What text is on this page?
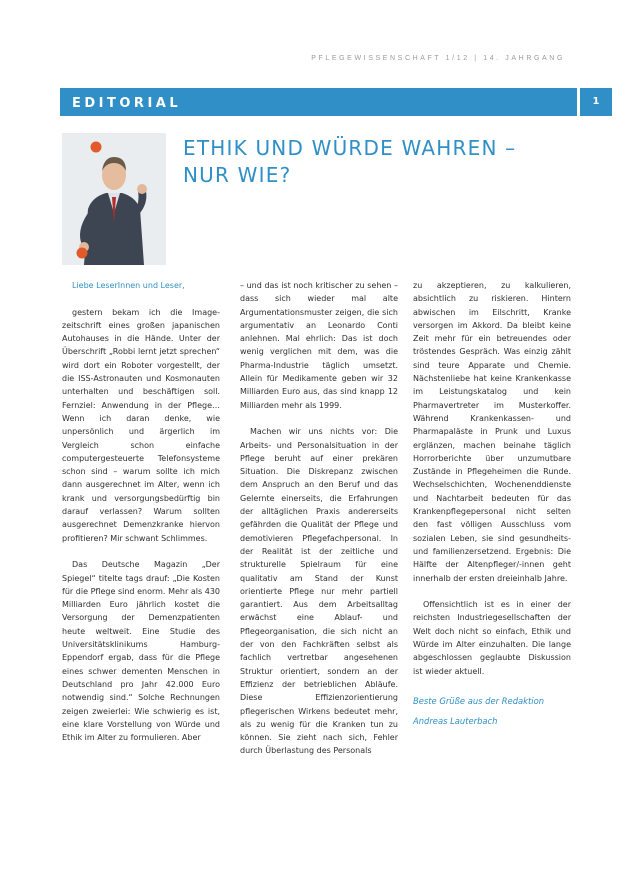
PFLEGEWISSENSCHAFT 1/12 | 14. JAHRGANG
EDITORIAL	1
ETHIK UND WÜRDE WAHREN –
NUR WIE?

Liebe LeserInnen und Leser,

gestern bekam ich die Image-zeitschrift eines großen japanischen Autohauses in die Hände. Unter der Überschrift „Robbi lernt jetzt sprechen“ wird dort ein Roboter vorgestellt, der die ISS-Astronauten und Kosmonauten unterhalten und beschäftigen soll. Fernziel: Anwendung in der Pflege… Wenn ich daran denke, wie unpersönlich und ärgerlich im Vergleich schon einfache computergesteuerte Telefonsysteme schon sind – warum sollte ich mich dann ausgerechnet im Alter, wenn ich krank und versorgungsbedürftig bin darauf verlassen? Warum sollten ausgerechnet Demenzkranke hiervon profitieren? Mir schwant Schlimmes.

Das Deutsche Magazin „Der Spiegel“ titelte tags drauf: „Die Kosten für die Pflege sind enorm. Mehr als 430 Milliarden Euro jährlich kostet die Versorgung der Demenzpatienten heute weltweit. Eine Studie des Universitätsklinikums Hamburg-Eppendorf ergab, dass für die Pflege eines schwer dementen Menschen in Deutschland pro Jahr 42.000 Euro notwendig sind.“ Solche Rechnungen zeigen zweierlei: Wie schwierig es ist, eine klare Vorstellung von Würde und Ethik im Alter zu formulieren. Aber

– und das ist noch kritischer zu sehen – dass sich wieder mal alte Argumentationsmuster zeigen, die sich argumentativ an Leonardo Conti anlehnen. Mal ehrlich: Das ist doch wenig verglichen mit dem, was die Pharma-Industrie täglich umsetzt. Allein für Medikamente geben wir 32 Milliarden Euro aus, das sind knapp 12 Milliarden mehr als 1999.

Machen wir uns nichts vor: Die Arbeits- und Personalsituation in der Pflege beruht auf einer prekären Situation. Die Diskrepanz zwischen dem Anspruch an den Beruf und das Gelernte einerseits, die Erfahrungen der alltäglichen Praxis andererseits gefährden die Qualität der Pflege und demotivieren Pflegefachpersonal. In der Realität ist der zeitliche und strukturelle Spielraum für eine qualitativ am Stand der Kunst orientierte Pflege nur mehr partiell garantiert. Aus dem Arbeitsalltag erwächst eine Ablauf- und Pflegeorganisation, die sich nicht an der von den Fachkräften selbst als fachlich vertretbar angesehenen Struktur orientiert, sondern an der Effizienz der betrieblichen Abläufe. Diese Effizienzorientierung pflegerischen Wirkens bedeutet mehr, als zu wenig für die Kranken tun zu können. Sie zieht nach sich, Fehler durch Überlastung des Personals

zu akzeptieren, zu kalkulieren, absichtlich zu riskieren. Hintern abwischen im Eilschritt, Kranke versorgen im Akkord. Da bleibt keine Zeit mehr für ein betreuendes oder tröstendes Gespräch. Was einzig zählt sind teure Apparate und Chemie. Nächstenliebe hat keine Krankenkasse im Leistungskatalog und kein Pharmavertreter im Musterkoffer. Während Krankenkassen- und Pharmapaläste in Prunk und Luxus erglänzen, machen beinahe täglich Horrorberichte über unzumutbare Zustände in Pflegeheimen die Runde. Wechselschichten, Wochenenddienste und Nachtarbeit bedeuten für das Krankenpflegepersonal nicht selten den fast völligen Ausschluss vom sozialen Leben, sie sind gesundheits- und familienzersetzend. Ergebnis: Die Hälfte der Altenpfleger/-innen geht innerhalb der ersten dreieinhalb Jahre.

Offensichtlich ist es in einer der reichsten Industriegesellschaften der Welt doch nicht so einfach, Ethik und Würde im Alter einzuhalten. Die lange abgeschlossen geglaubte Diskussion ist wieder aktuell.

Beste Grüße aus der Redaktion
Andreas Lauterbach
